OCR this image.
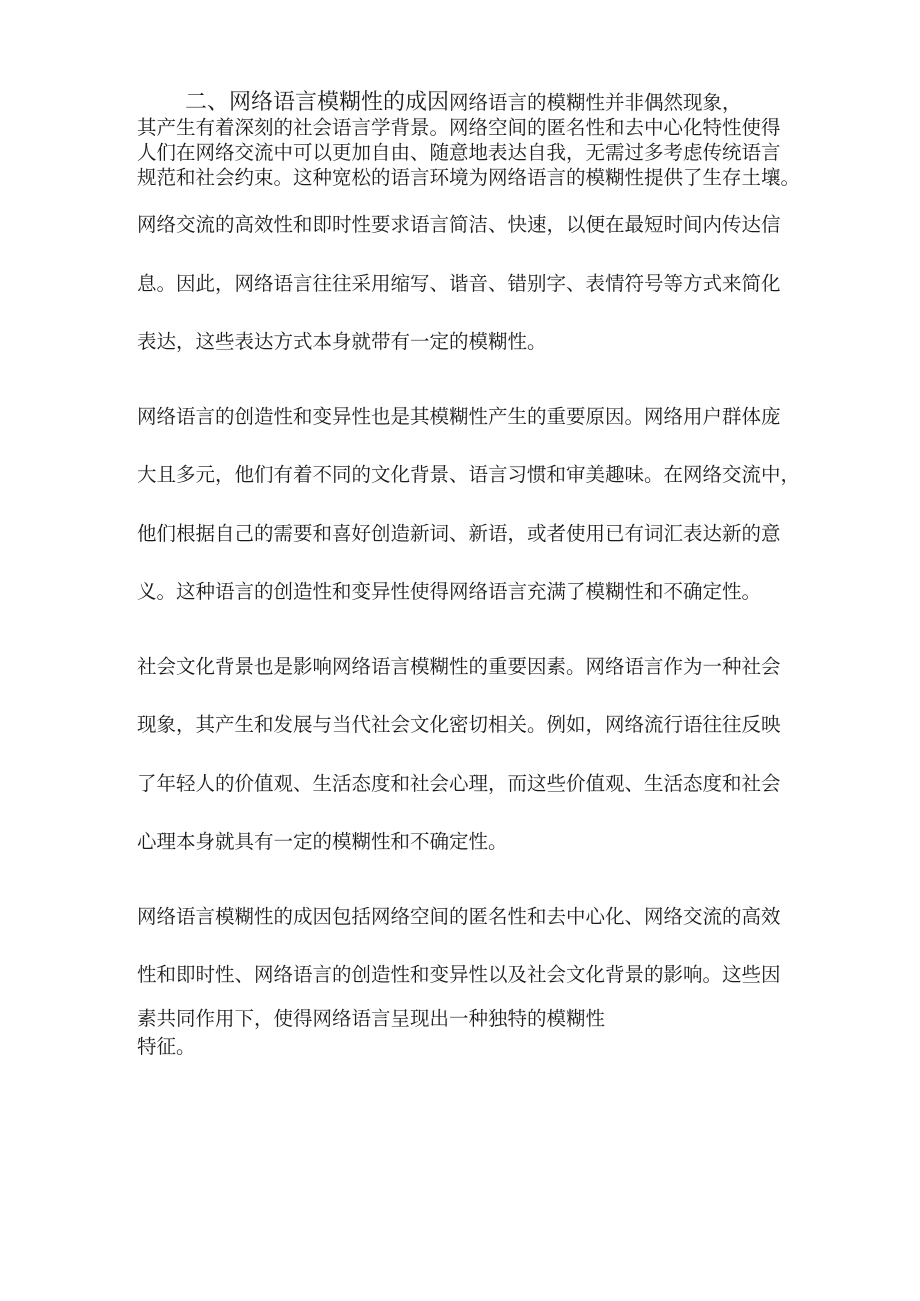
二、网络语言模糊性的成因网络语言的模糊性并非偶然现象，

其产生有着深刻的社会语言学背景。网络空间的匿名性和去中心化特性使得

人们在网络交流中可以更加自由、随意地表达自我，无需过多考虑传统语言

规范和社会约束。这种宽松的语言环境为网络语言的模糊性提供了生存土壤。

网络交流的高效性和即时性要求语言简洁、快速，以便在最短时间内传达信

息。因此，网络语言往往采用缩写、谐音、错别字、表情符号等方式来简化

表达，这些表达方式本身就带有一定的模糊性。

网络语言的创造性和变异性也是其模糊性产生的重要原因。网络用户群体庞

大且多元，他们有着不同的文化背景、语言习惯和审美趣味。在网络交流中，

他们根据自己的需要和喜好创造新词、新语，或者使用已有词汇表达新的意

义。这种语言的创造性和变异性使得网络语言充满了模糊性和不确定性。

社会文化背景也是影响网络语言模糊性的重要因素。网络语言作为一种社会

现象，其产生和发展与当代社会文化密切相关。例如，网络流行语往往反映

了年轻人的价值观、生活态度和社会心理，而这些价值观、生活态度和社会

心理本身就具有一定的模糊性和不确定性。

网络语言模糊性的成因包括网络空间的匿名性和去中心化、网络交流的高效

性和即时性、网络语言的创造性和变异性以及社会文化背景的影响。这些因

素共同作用下，使得网络语言呈现出一种独特的模糊性

特征。
